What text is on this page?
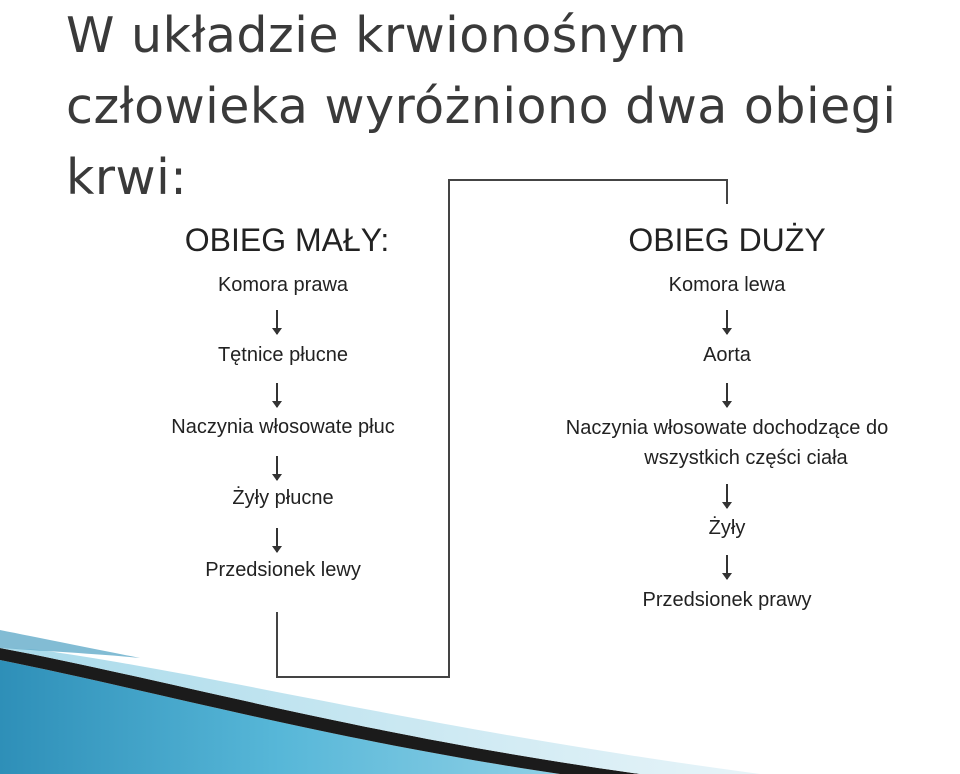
W układzie krwionośnym
człowieka wyróżniono dwa obiegi
krwi:
OBIEG MAŁY:
Komora prawa
Tętnice płucne
Naczynia włosowate płuc
Żyły płucne
Przedsionek lewy
OBIEG DUŻY
Komora lewa
Aorta
Naczynia włosowate dochodzące do
wszystkich części ciała
Żyły
Przedsionek prawy
